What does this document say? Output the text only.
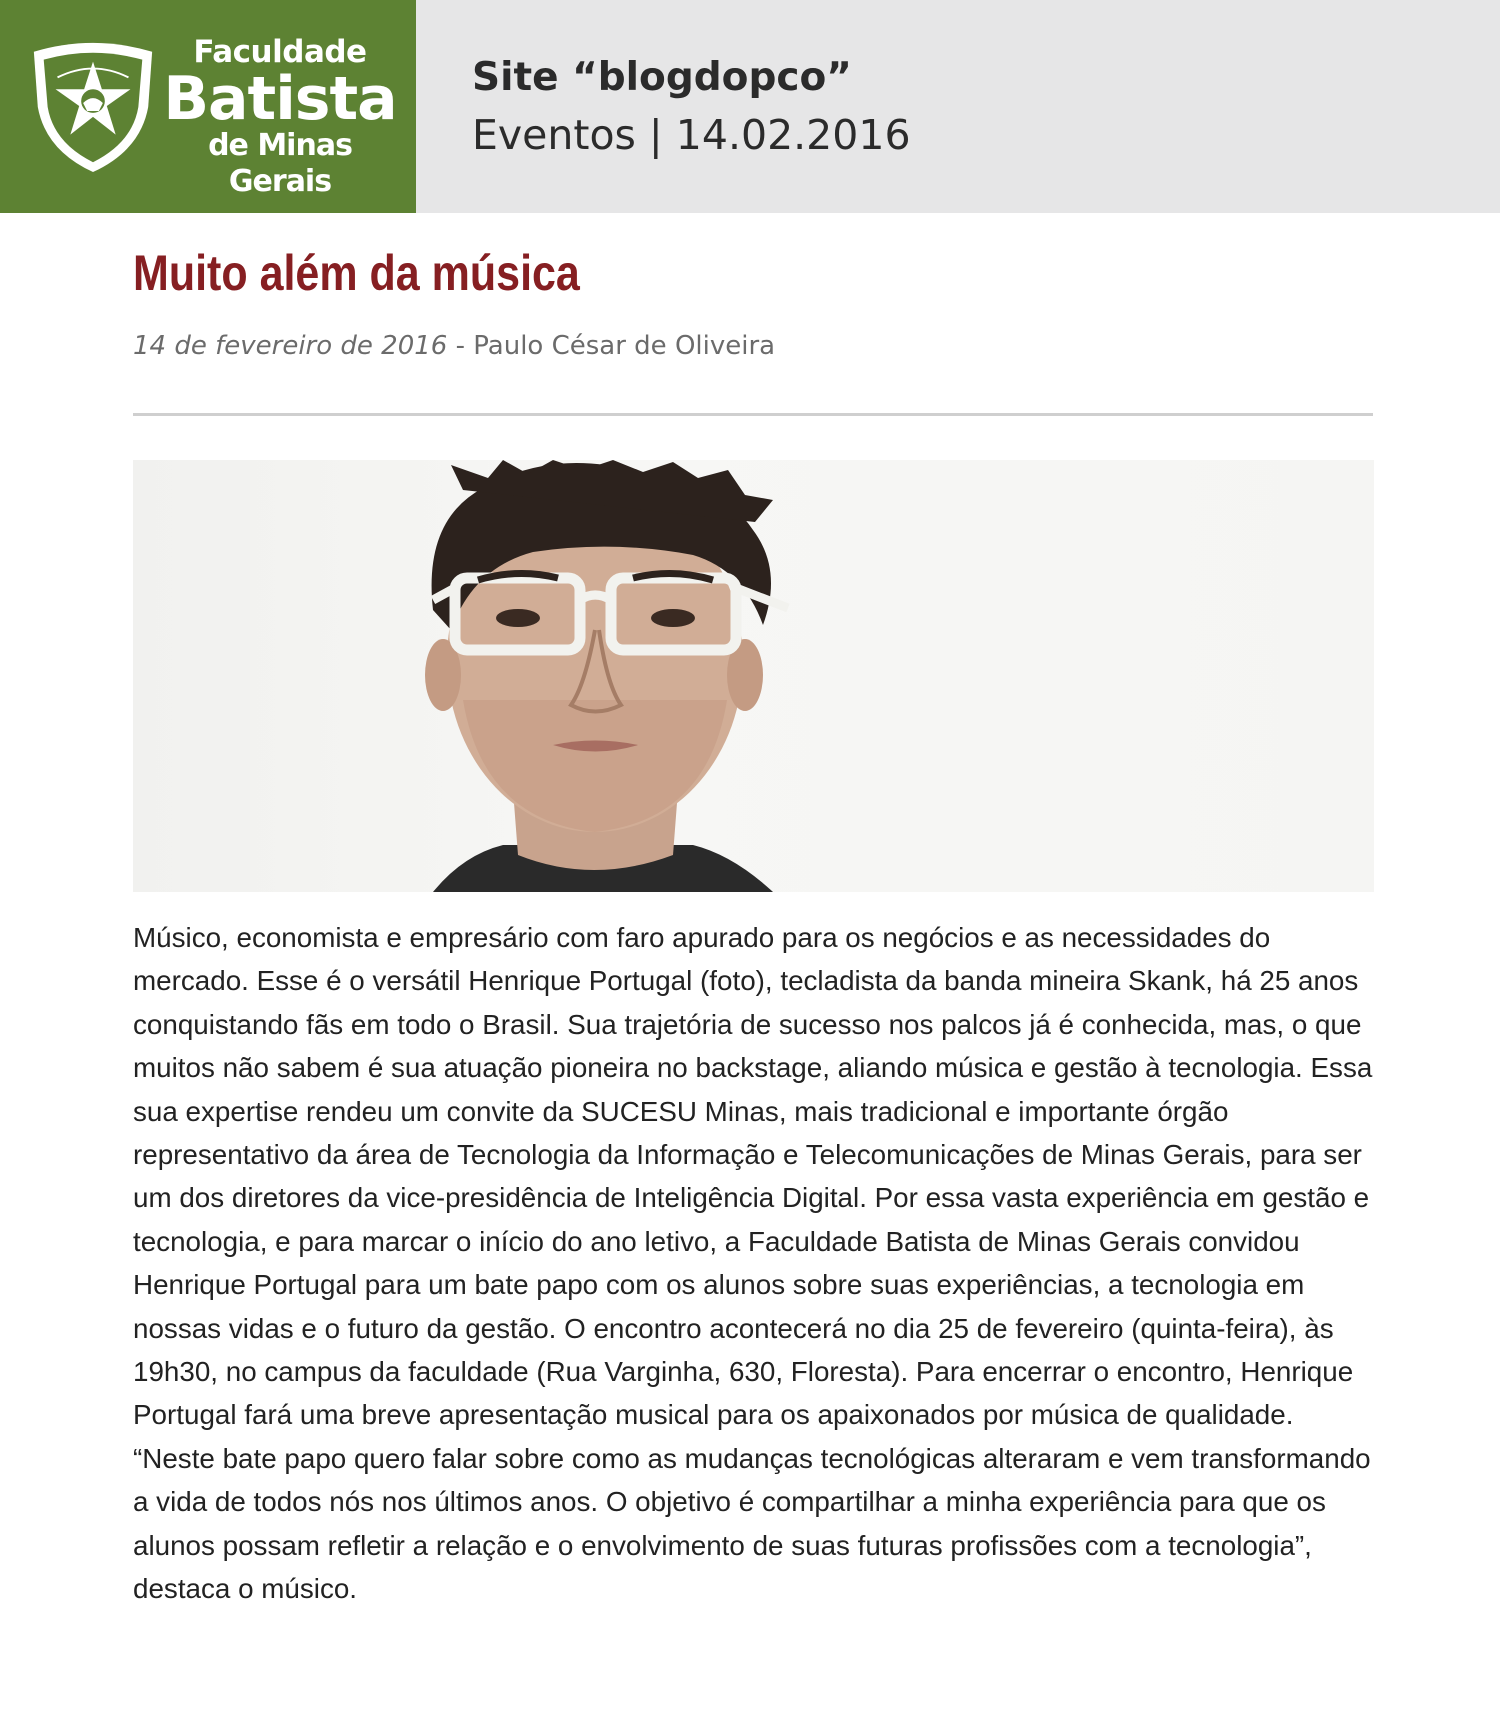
Faculdade
Batista
de Minas Gerais
Site “blogdopco”
Eventos | 14.02.2016
Muito além da música
14 de fevereiro de 2016 - Paulo César de Oliveira

Músico, economista e empresário com faro apurado para os negócios e as necessidades do mercado. Esse é o versátil Henrique Portugal (foto), tecladista da banda mineira Skank, há 25 anos conquistando fãs em todo o Brasil. Sua trajetória de sucesso nos palcos já é conhecida, mas, o que muitos não sabem é sua atuação pioneira no backstage, aliando música e gestão à tecnologia. Essa sua expertise rendeu um convite da SUCESU Minas, mais tradicional e importante órgão representativo da área de Tecnologia da Informação e Telecomunicações de Minas Gerais, para ser um dos diretores da vice-presidência de Inteligência Digital. Por essa vasta experiência em gestão e tecnologia, e para marcar o início do ano letivo, a Faculdade Batista de Minas Gerais convidou Henrique Portugal para um bate papo com os alunos sobre suas experiências, a tecnologia em nossas vidas e o futuro da gestão. O encontro acontecerá no dia 25 de fevereiro (quinta-feira), às 19h30, no campus da faculdade (Rua Varginha, 630, Floresta). Para encerrar o encontro, Henrique Portugal fará uma breve apresentação musical para os apaixonados por música de qualidade. “Neste bate papo quero falar sobre como as mudanças tecnológicas alteraram e vem transformando a vida de todos nós nos últimos anos. O objetivo é compartilhar a minha experiência para que os alunos possam refletir a relação e o envolvimento de suas futuras profissões com a tecnologia”, destaca o músico.
